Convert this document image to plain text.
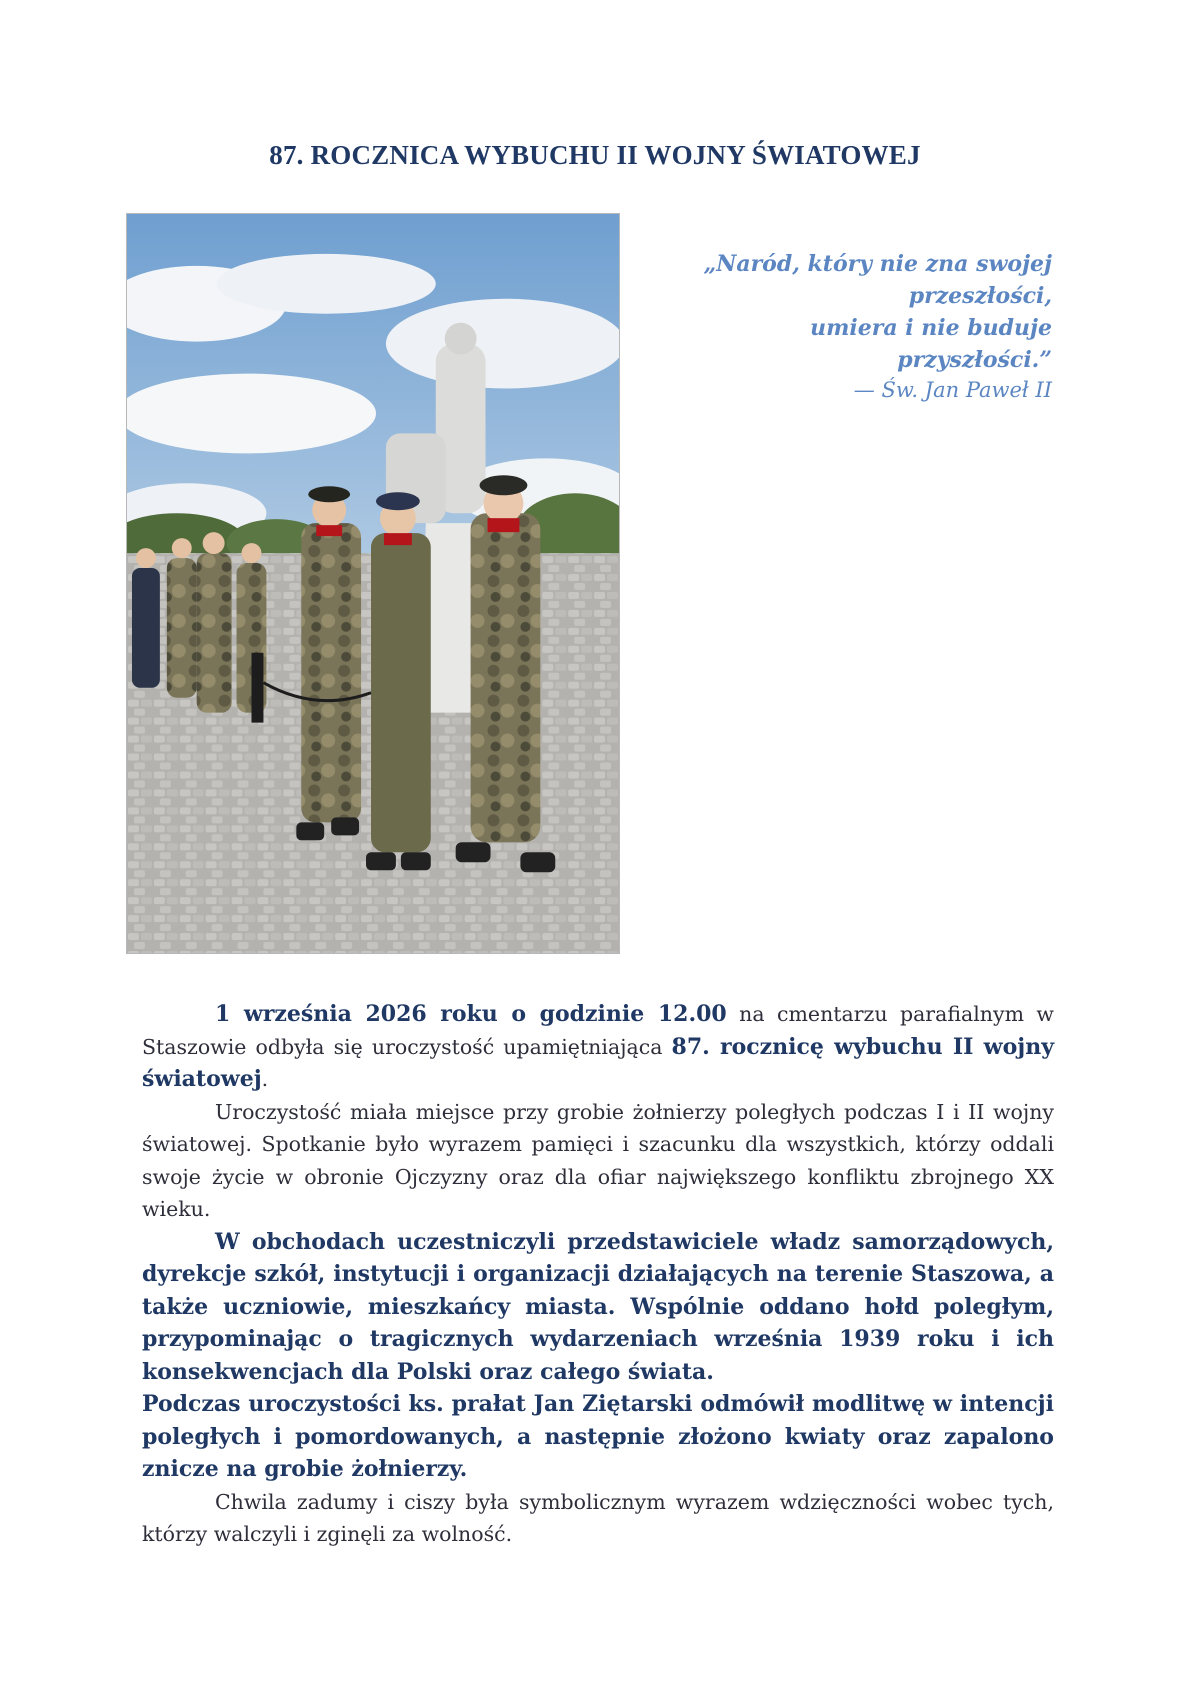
87. ROCZNICA WYBUCHU II WOJNY ŚWIATOWEJ
„Naród, który nie zna swojej
przeszłości,
umiera i nie buduje
przyszłości.”
— Św. Jan Paweł II

1 września 2026 roku o godzinie 12.00 na cmentarzu parafialnym w Staszowie odbyła się uroczystość upamiętniająca 87. rocznicę wybuchu II wojny światowej.

Uroczystość miała miejsce przy grobie żołnierzy poległych podczas I i II wojny światowej. Spotkanie było wyrazem pamięci i szacunku dla wszystkich, którzy oddali swoje życie w obronie Ojczyzny oraz dla ofiar największego konfliktu zbrojnego XX wieku.

W obchodach uczestniczyli przedstawiciele władz samorządowych, dyrekcje szkół, instytucji i organizacji działających na terenie Staszowa, a także uczniowie, mieszkańcy miasta. Wspólnie oddano hołd poległym, przypominając o tragicznych wydarzeniach września 1939 roku i ich konsekwencjach dla Polski oraz całego świata.

Podczas uroczystości ks. prałat Jan Ziętarski odmówił modlitwę w intencji poległych i pomordowanych, a następnie złożono kwiaty oraz zapalono znicze na grobie żołnierzy.

Chwila zadumy i ciszy była symbolicznym wyrazem wdzięczności wobec tych, którzy walczyli i zginęli za wolność.
